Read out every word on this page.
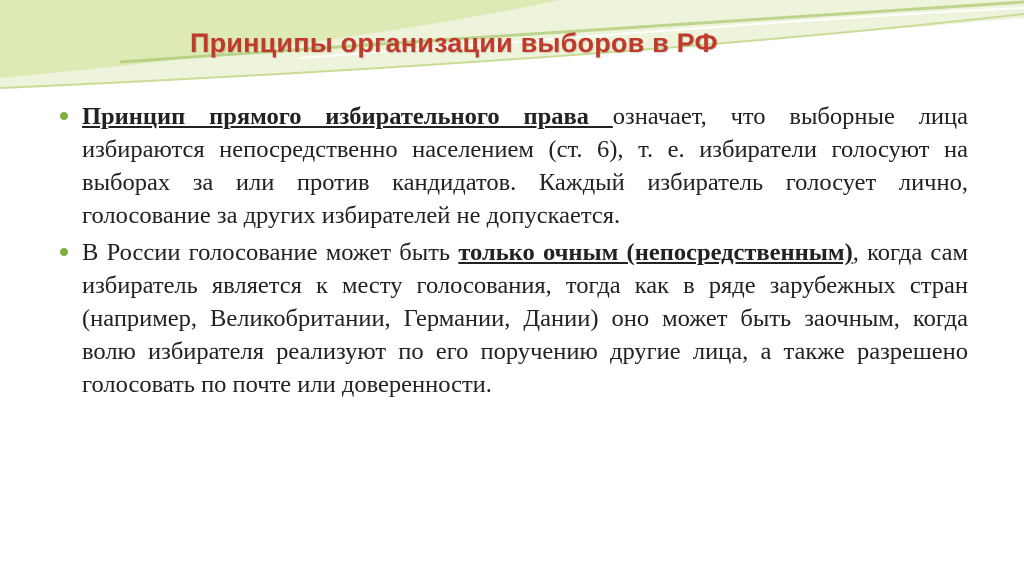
Принципы организации выборов в РФ
Принцип прямого избирательного права означает, что выборные лица избираются непосредственно населением (ст. 6), т. е. избиратели голосуют на выборах за или против кандидатов. Каждый избиратель голосует лично, голосование за других избирателей не допускается.
В России голосование может быть только очным (непосредственным), когда сам избиратель является к месту голосования, тогда как в ряде зарубежных стран (например, Великобритании, Германии, Дании) оно может быть заочным, когда волю избирателя реализуют по его поручению другие лица, а также разрешено голосовать по почте или доверенности.
